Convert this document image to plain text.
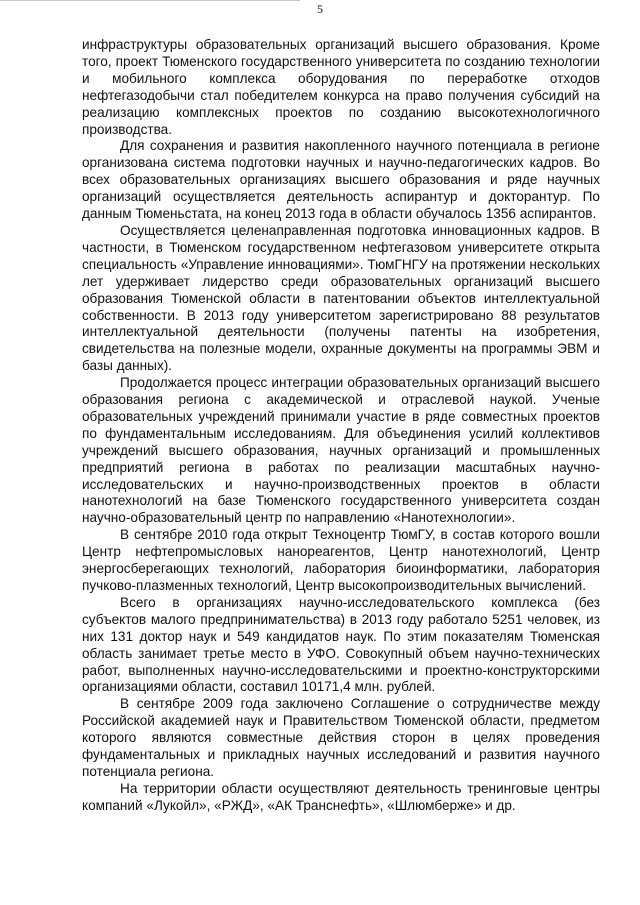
5

инфраструктуры образовательных организаций высшего образования. Кроме того, проект Тюменского государственного университета по созданию технологии и мобильного комплекса оборудования по переработке отходов нефтегазодобычи стал победителем конкурса на право получения субсидий на реализацию комплексных проектов по созданию высокотехнологичного производства.

Для сохранения и развития накопленного научного потенциала в регионе организована система подготовки научных и научно-педагогических кадров. Во всех образовательных организациях высшего образования и ряде научных организаций осуществляется деятельность аспирантур и докторантур. По данным Тюменьстата, на конец 2013 года в области обучалось 1356 аспирантов.

Осуществляется целенаправленная подготовка инновационных кадров. В частности, в Тюменском государственном нефтегазовом университете открыта специальность «Управление инновациями». ТюмГНГУ на протяжении нескольких лет удерживает лидерство среди образовательных организаций высшего образования Тюменской области в патентовании объектов интеллектуальной собственности. В 2013 году университетом зарегистрировано 88 результатов интеллектуальной деятельности (получены патенты на изобретения, свидетельства на полезные модели, охранные документы на программы ЭВМ и базы данных).

Продолжается процесс интеграции образовательных организаций высшего образования региона с академической и отраслевой наукой. Ученые образовательных учреждений принимали участие в ряде совместных проектов по фундаментальным исследованиям. Для объединения усилий коллективов учреждений высшего образования, научных организаций и промышленных предприятий региона в работах по реализации масштабных научно-исследовательских и научно-производственных проектов в области нанотехнологий на базе Тюменского государственного университета создан научно-образовательный центр по направлению «Нанотехнологии».

В сентябре 2010 года открыт Техноцентр ТюмГУ, в состав которого вошли Центр нефтепромысловых нанореагентов, Центр нанотехнологий, Центр энергосберегающих технологий, лаборатория биоинформатики, лаборатория пучково-плазменных технологий, Центр высокопроизводительных вычислений.

Всего в организациях научно-исследовательского комплекса (без субъектов малого предпринимательства) в 2013 году работало 5251 человек, из них 131 доктор наук и 549 кандидатов наук. По этим показателям Тюменская область занимает третье место в УФО. Совокупный объем научно-технических работ, выполненных научно-исследовательскими и проектно-конструкторскими организациями области, составил 10171,4 млн. рублей.

В сентябре 2009 года заключено Соглашение о сотрудничестве между Российской академией наук и Правительством Тюменской области, предметом которого являются совместные действия сторон в целях проведения фундаментальных и прикладных научных исследований и развития научного потенциала региона.

На территории области осуществляют деятельность тренинговые центры компаний «Лукойл», «РЖД», «АК Транснефть», «Шлюмберже» и др.
